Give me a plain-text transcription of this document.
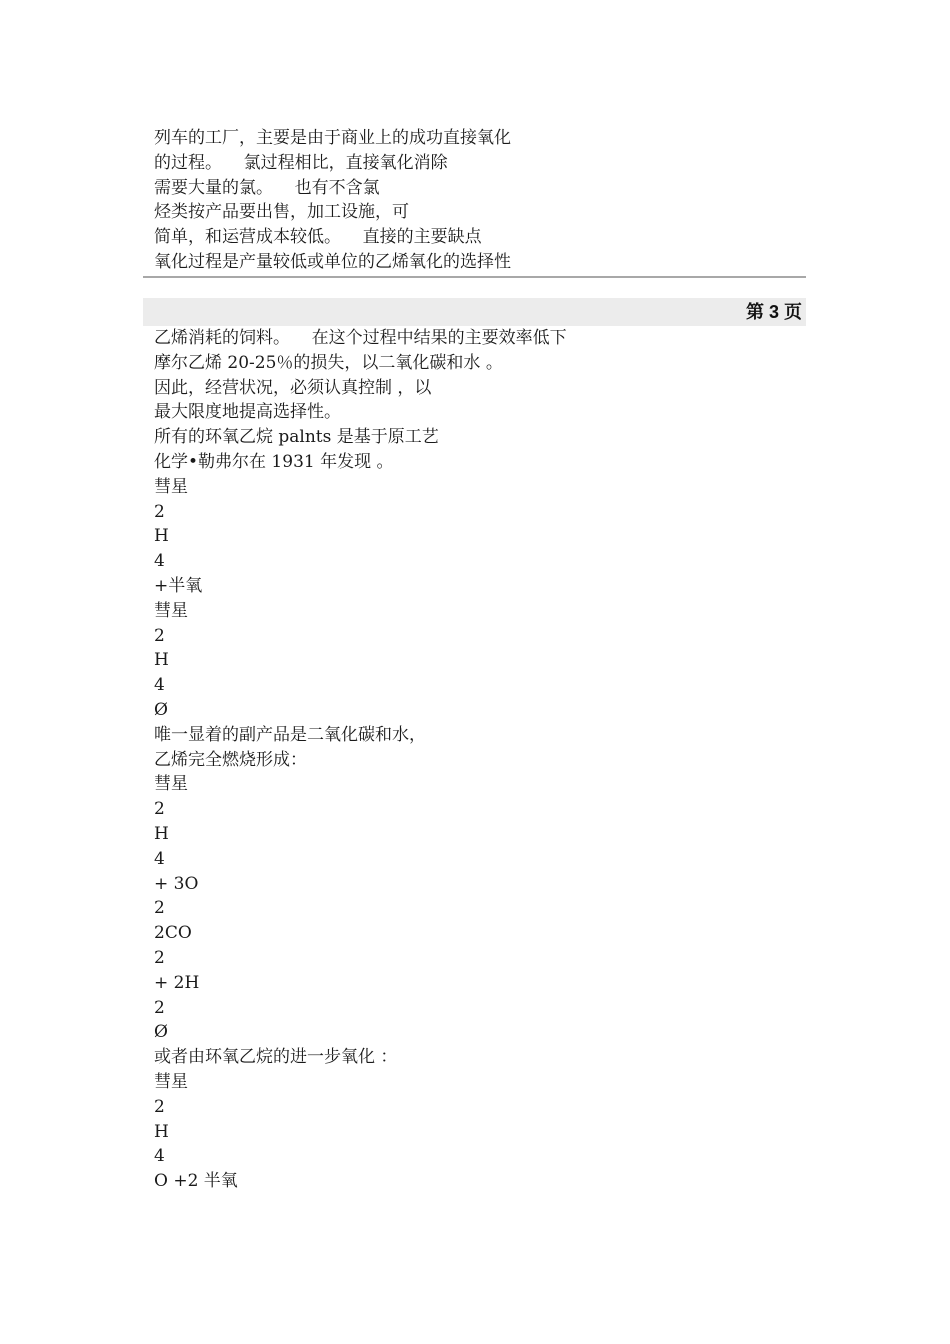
列车的工厂，主要是由于商业上的成功直接氧化
的过程。    氯过程相比，直接氧化消除
需要大量的氯。    也有不含氯
烃类按产品要出售，加工设施，可
简单，和运营成本较低。    直接的主要缺点
氧化过程是产量较低或单位的乙烯氧化的选择性
第 3 页
乙烯消耗的饲料。    在这个过程中结果的主要效率低下
摩尔乙烯 20-25％的损失，以二氧化碳和水 。
因此，经营状况，必须认真控制 ，以
最大限度地提高选择性。
所有的环氧乙烷 palnts 是基于原工艺
化学•勒弗尔在 1931 年发现 。
彗星
2
H
4
+半氧
彗星
2
H
4
Ø
唯一显着的副产品是二氧化碳和水，
乙烯完全燃烧形成：
彗星
2
H
4
+ 3O
2
2CO
2
+ 2H
2
Ø
或者由环氧乙烷的进一步氧化 ：
彗星
2
H
4
O +2 半氧
